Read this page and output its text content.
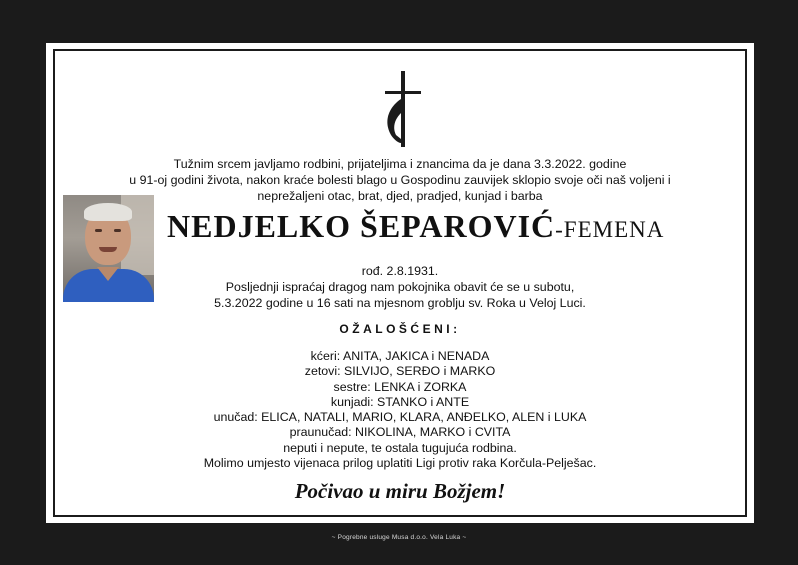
Tužnim srcem javljamo rodbini, prijateljima i znancima da je dana 3.3.2022. godine
u 91-oj godini života, nakon kraće bolesti blago u Gospodinu zauvijek sklopio svoje oči naš voljeni i
neprežaljeni otac, brat, djed, pradjed, kunjad i barba
NEDJELKO ŠEPAROVIĆ-FEMENA
rođ. 2.8.1931.
Posljednji ispraćaj dragog nam pokojnika obavit će se u subotu,
5.3.2022 godine u 16 sati na mjesnom groblju sv. Roka u Veloj Luci.
OŽALOŠĆENI:
kćeri: ANITA, JAKICA i NENADA
zetovi: SILVIJO, SERĐO i MARKO
sestre: LENKA i ZORKA
kunjadi: STANKO i ANTE
unučad: ELICA, NATALI, MARIO, KLARA, ANĐELKO, ALEN i LUKA
praunučad: NIKOLINA, MARKO i CVITA
neputi i nepute, te ostala tugujuća rodbina.
Molimo umjesto vijenaca prilog uplatiti Ligi protiv raka Korčula-Pelješac.
Počivao u miru Božjem!
~ Pogrebne usluge Musa d.o.o. Vela Luka ~
